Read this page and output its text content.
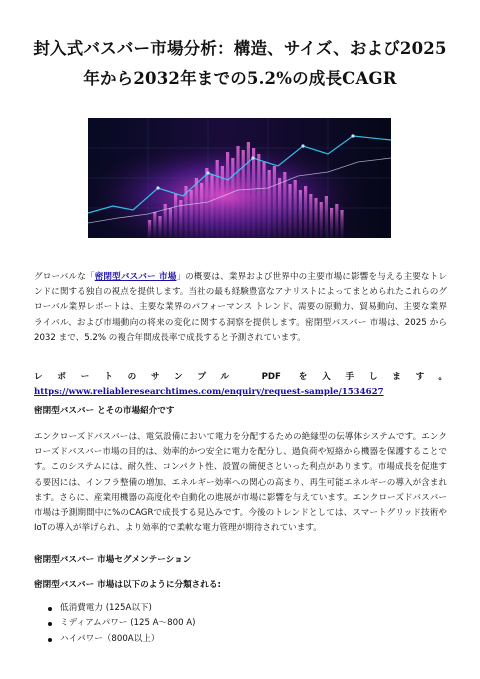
封入式バスバー市場分析：構造、サイズ、および2025年から2032年までの5.2%の成長CAGR

グローバルな「密閉型バスバー 市場」の概要は、業界および世界中の主要市場に影響を与える主要なトレンドに関する独自の視点を提供します。当社の最も経験豊富なアナリストによってまとめられたこれらのグローバル業界レポートは、主要な業界のパフォーマンス トレンド、需要の原動力、貿易動向、主要な業界ライバル、および市場動向の将来の変化に関する洞察を提供します。密閉型バスバー 市場は、2025 から 2032 まで、5.2% の複合年間成長率で成長すると予測されています。

レポートのサンプル PDF を入手します。 https://www.reliableresearchtimes.com/enquiry/request-sample/1534627

密閉型バスバー とその市場紹介です

エンクローズドバスバーは、電気設備において電力を分配するための絶縁型の伝導体システムです。エンクローズドバスバー市場の目的は、効率的かつ安全に電力を配分し、過負荷や短絡から機器を保護することです。このシステムには、耐久性、コンパクト性、設置の簡便さといった利点があります。市場成長を促進する要因には、インフラ整備の増加、エネルギー効率への関心の高まり、再生可能エネルギーの導入が含まれます。さらに、産業用機器の高度化や自動化の進展が市場に影響を与えています。エンクローズドバスバー市場は予測期間中に%のCAGRで成長する見込みです。今後のトレンドとしては、スマートグリッド技術やIoTの導入が挙げられ、より効率的で柔軟な電力管理が期待されています。

密閉型バスバー 市場セグメンテーション

密閉型バスバー 市場は以下のように分類される:

低消費電力 (125A以下)
ミディアムパワー (125 A〜800 A)
ハイパワー（800A以上）
